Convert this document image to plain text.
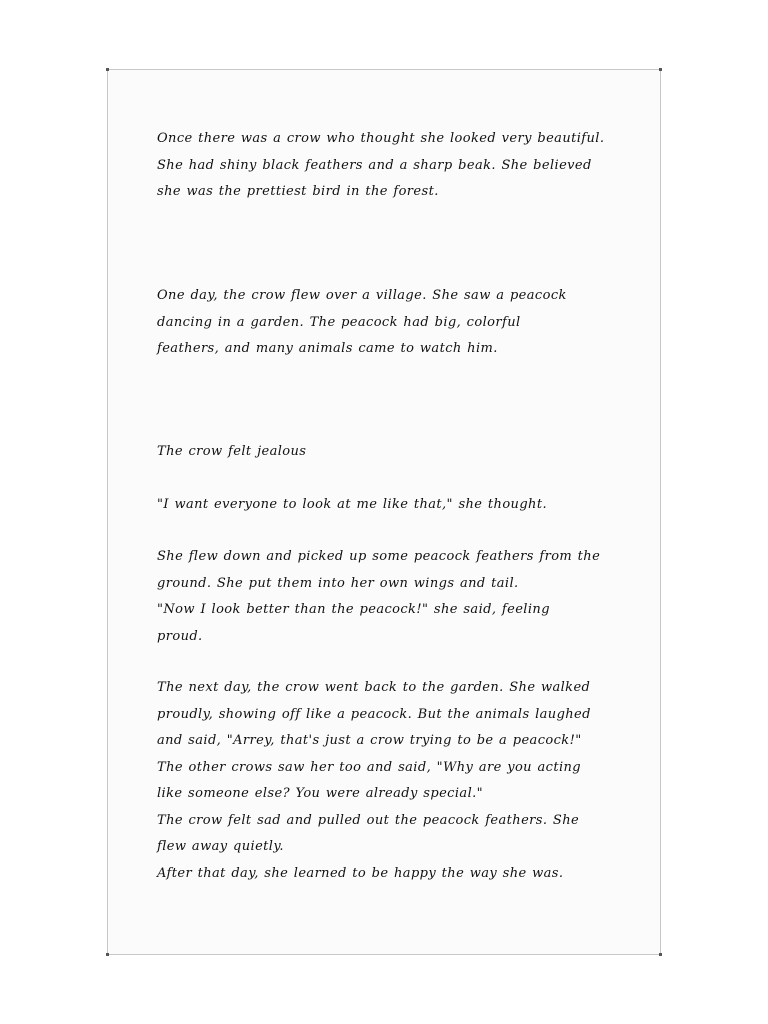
Once there was a crow who thought she looked very beautiful.
She had shiny black feathers and a sharp beak. She believed
she was the prettiest bird in the forest.

One day, the crow flew over a village. She saw a peacock
dancing in a garden. The peacock had big, colorful
feathers, and many animals came to watch him.

The crow felt jealous

"I want everyone to look at me like that," she thought.

She flew down and picked up some peacock feathers from the
ground. She put them into her own wings and tail.
"Now I look better than the peacock!" she said, feeling
proud.

The next day, the crow went back to the garden. She walked
proudly, showing off like a peacock. But the animals laughed
and said, "Arrey, that's just a crow trying to be a peacock!"
The other crows saw her too and said, "Why are you acting
like someone else? You were already special."
The crow felt sad and pulled out the peacock feathers. She
flew away quietly.
After that day, she learned to be happy the way she was.
